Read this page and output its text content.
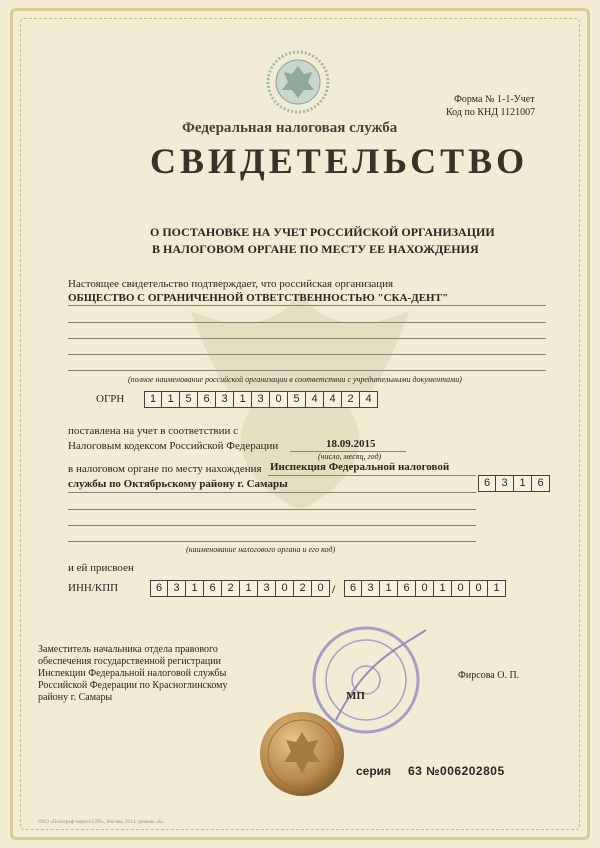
Форма № 1-1-Учет
Код по КНД 1121007
Федеральная налоговая служба
СВИДЕТЕЛЬСТВО
О ПОСТАНОВКЕ НА УЧЕТ РОССИЙСКОЙ ОРГАНИЗАЦИИ
В НАЛОГОВОМ ОРГАНЕ ПО МЕСТУ ЕЕ НАХОЖДЕНИЯ
Настоящее свидетельство подтверждает, что российская организация
ОБЩЕСТВО С ОГРАНИЧЕННОЙ ОТВЕТСТВЕННОСТЬЮ "СКА-ДЕНТ"
(полное наименование российской организации в соответствии с учредительными документами)
ОГРН	1	1	5	6	3	1	3	0	5	4	4	2	4
поставлена на учет в соответствии с
Налоговым кодексом Российской Федерации	18.09.2015
(число, месяц, год)
в налоговом органе по месту нахождения Инспекция Федеральной налоговой
службы по Октябрьскому району г. Самары	6	3	1	6
(наименование налогового органа и его код)
и ей присвоен
ИНН/КПП	6	3	1	6	2	1	3	0	2	0 /	6	3	1	6	0	1	0	0	1
Заместитель начальника отдела правового
обеспечения государственной регистрации
Инспекции Федеральной налоговой службы
Российской Федерации по Красноглинскому
району г. Самары
Фирсова О. П.
МП
серия 63 №006202805
ООО «Полиграф-защита СПб», Москва, 2014, уровень «Б»
